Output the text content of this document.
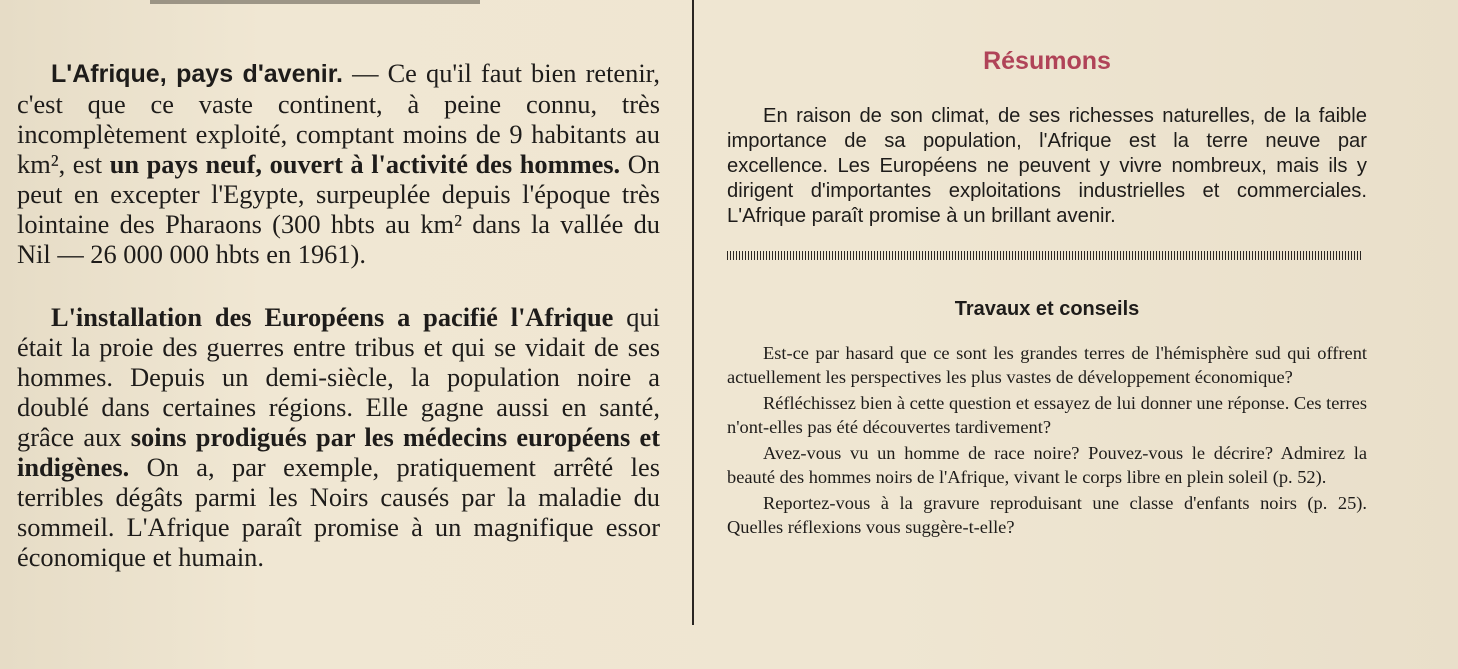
L'Afrique, pays d'avenir. — Ce qu'il faut bien retenir, c'est que ce vaste continent, à peine connu, très incomplètement exploité, comptant moins de 9 habitants au km², est un pays neuf, ouvert à l'activité des hommes. On peut en excepter l'Egypte, surpeuplée depuis l'époque très lointaine des Pharaons (300 hbts au km² dans la vallée du Nil — 26 000 000 hbts en 1961).

L'installation des Européens a pacifié l'Afrique qui était la proie des guerres entre tribus et qui se vidait de ses hommes. Depuis un demi-siècle, la population noire a doublé dans certaines régions. Elle gagne aussi en santé, grâce aux soins prodigués par les médecins européens et indigènes. On a, par exemple, pratiquement arrêté les terribles dégâts parmi les Noirs causés par la maladie du sommeil. L'Afrique paraît promise à un magnifique essor économique et humain.

Résumons

En raison de son climat, de ses richesses naturelles, de la faible importance de sa population, l'Afrique est la terre neuve par excellence. Les Européens ne peuvent y vivre nombreux, mais ils y dirigent d'importantes exploitations industrielles et commerciales. L'Afrique paraît promise à un brillant avenir.

Travaux et conseils

Est-ce par hasard que ce sont les grandes terres de l'hémisphère sud qui offrent actuellement les perspectives les plus vastes de développement économique?

Réfléchissez bien à cette question et essayez de lui donner une réponse. Ces terres n'ont-elles pas été découvertes tardivement?

Avez-vous vu un homme de race noire? Pouvez-vous le décrire? Admirez la beauté des hommes noirs de l'Afrique, vivant le corps libre en plein soleil (p. 52).

Reportez-vous à la gravure reproduisant une classe d'enfants noirs (p. 25). Quelles réflexions vous suggère-t-elle?
